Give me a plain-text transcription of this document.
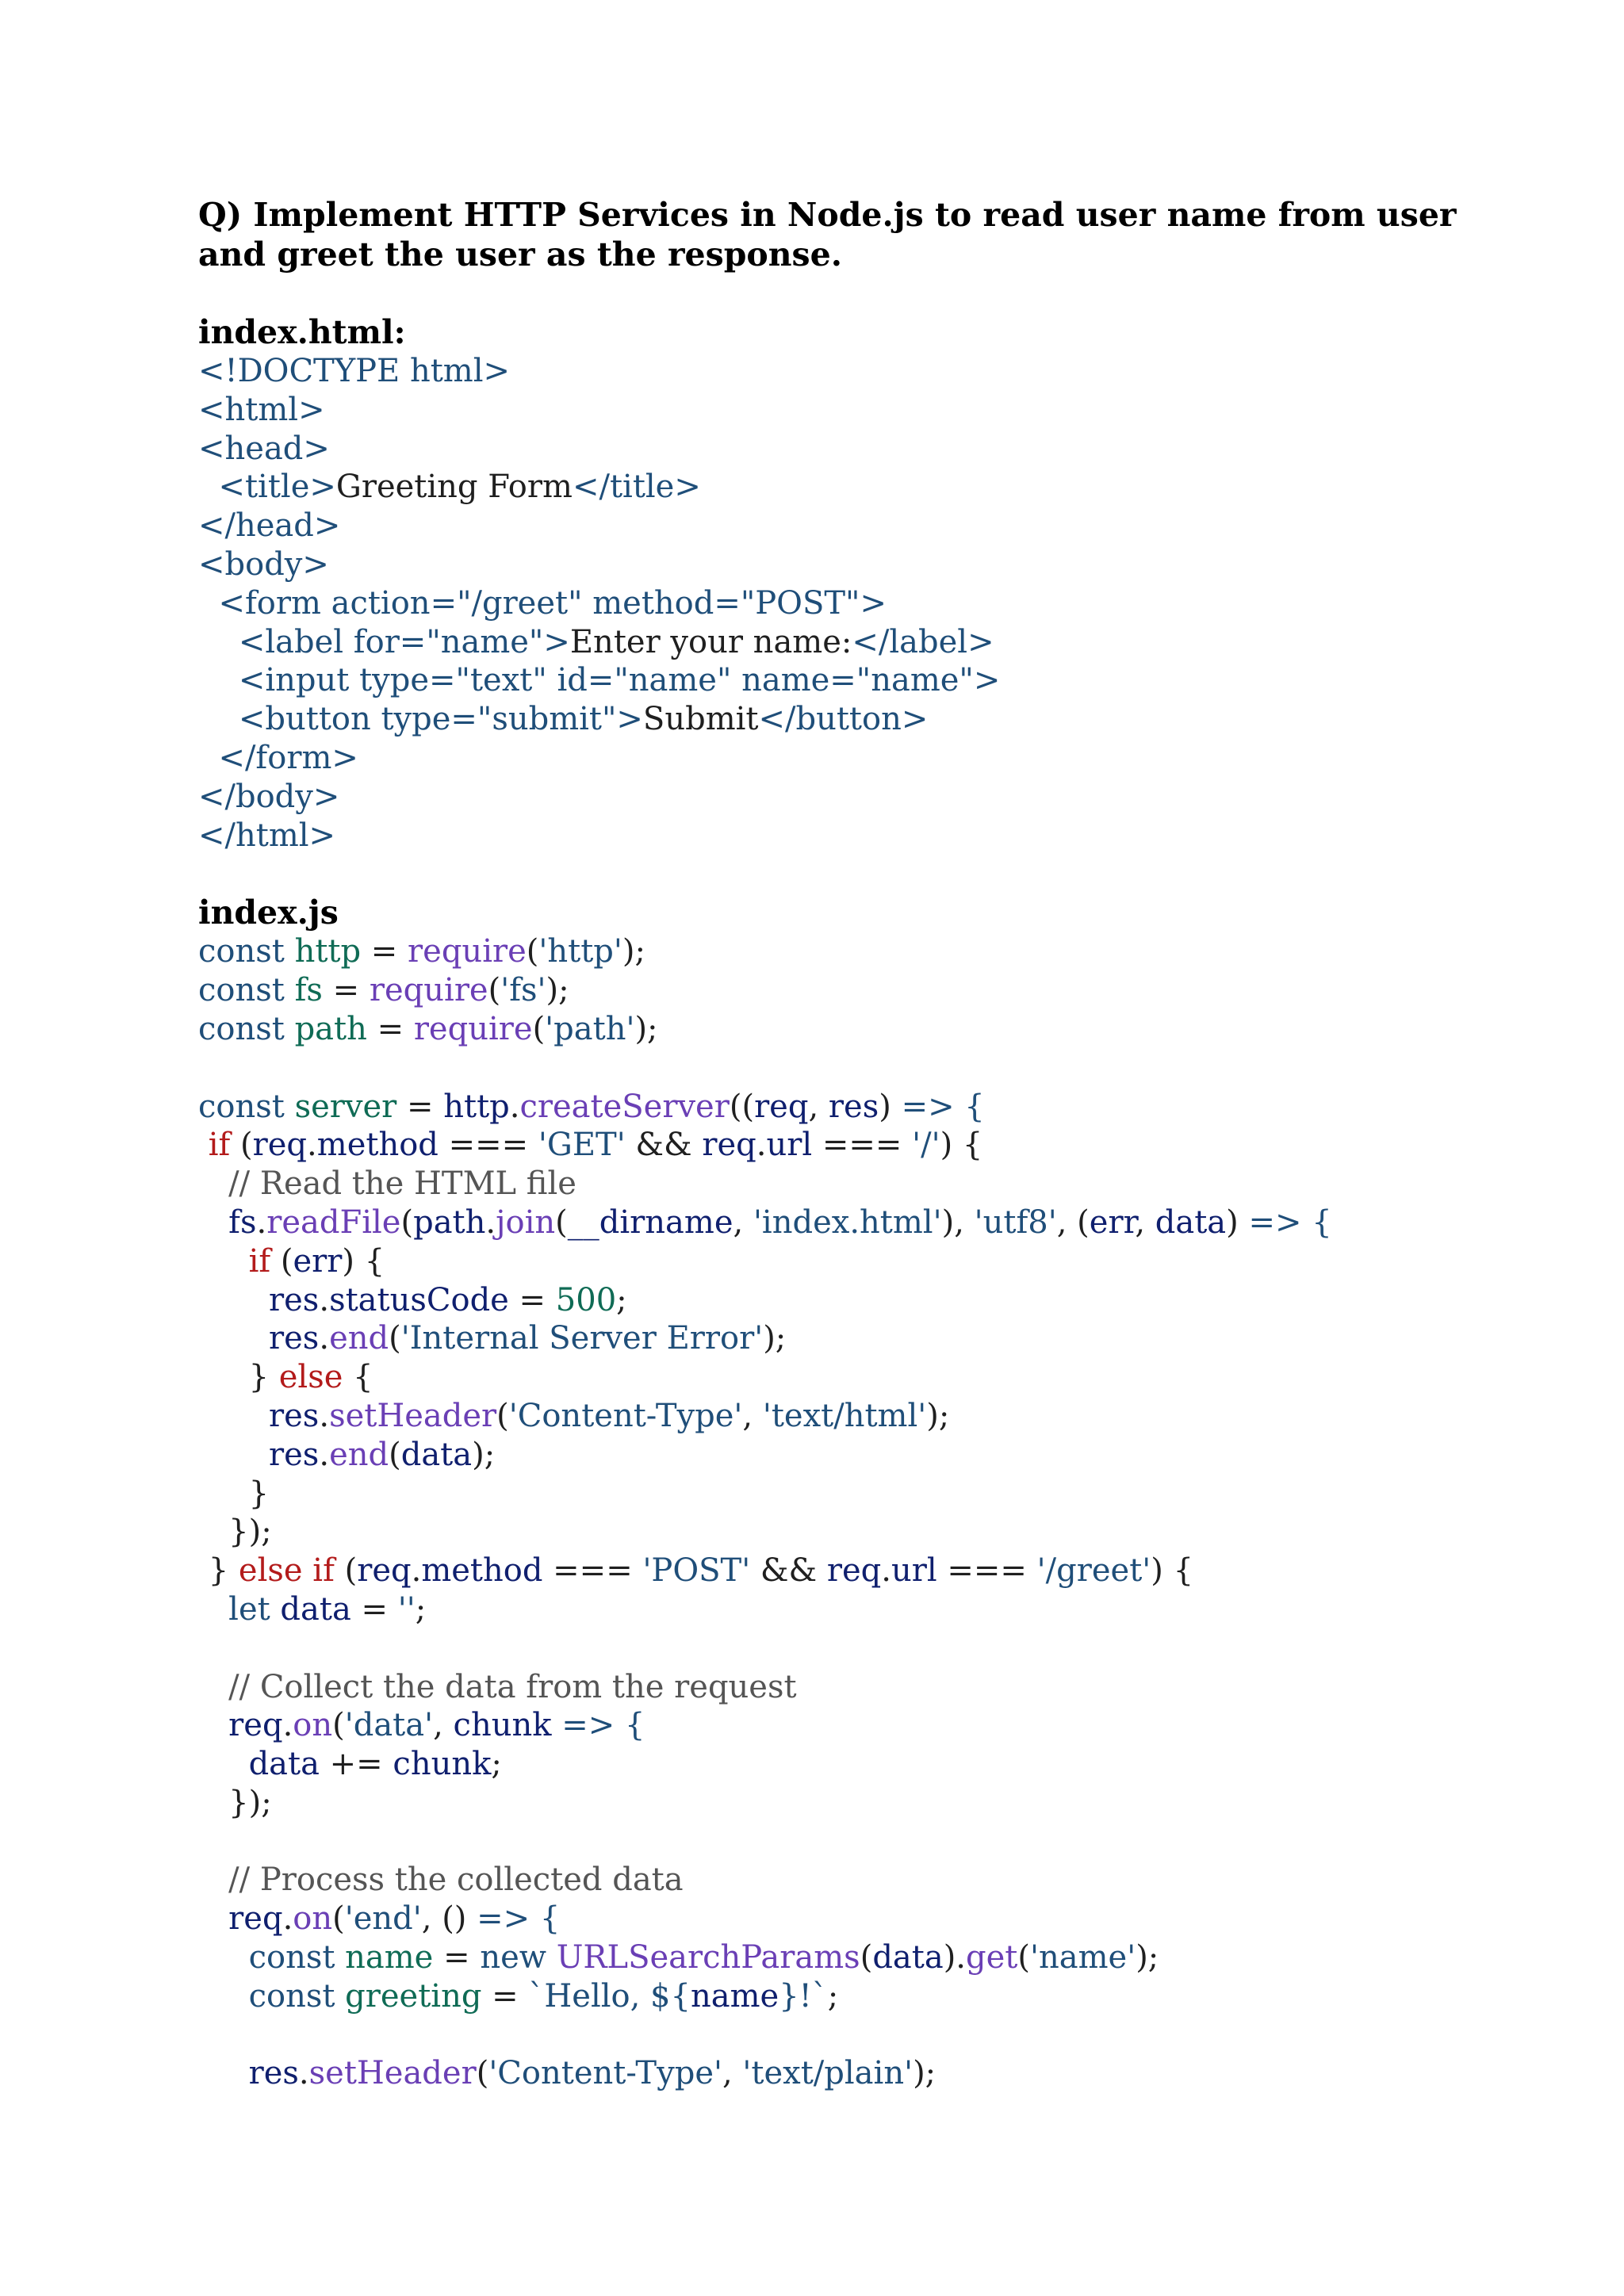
Q) Implement HTTP Services in Node.js to read user name from user
and greet the user as the response.
index.html:
<!DOCTYPE html>
<html>
<head>
<title>Greeting Form</title>
</head>
<body>
<form action="/greet" method="POST">
<label for="name">Enter your name:</label>
<input type="text" id="name" name="name">
<button type="submit">Submit</button>
</form>
</body>
</html>
index.js
const http = require('http');
const fs = require('fs');
const path = require('path');

const server = http.createServer((req, res) => {
if (req.method === 'GET' && req.url === '/') {
// Read the HTML file
fs.readFile(path.join(__dirname, 'index.html'), 'utf8', (err, data) => {
if (err) {
res.statusCode = 500;
res.end('Internal Server Error');
} else {
res.setHeader('Content-Type', 'text/html');
res.end(data);
}
});
} else if (req.method === 'POST' && req.url === '/greet') {
let data = '';

// Collect the data from the request
req.on('data', chunk => {
data += chunk;
});

// Process the collected data
req.on('end', () => {
const name = new URLSearchParams(data).get('name');
const greeting = `Hello, ${name}!`;

res.setHeader('Content-Type', 'text/plain');
